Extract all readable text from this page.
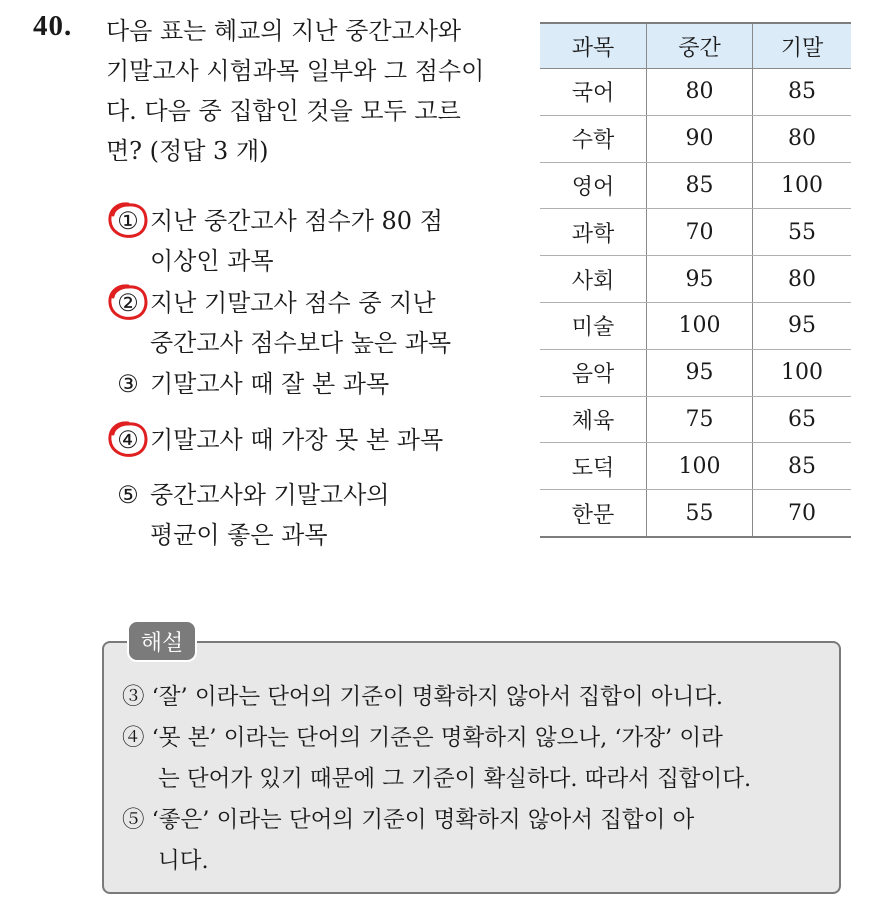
40. 다음 표는 혜교의 지난 중간고사와
기말고사 시험과목 일부와 그 점수이
다. 다음 중 집합인 것을 모두 고르
면? (정답 3 개)
① 지난 중간고사 점수가 80 점
이상인 과목
② 지난 기말고사 점수 중 지난
중간고사 점수보다 높은 과목
③ 기말고사 때 잘 본 과목
④ 기말고사 때 가장 못 본 과목
⑤ 중간고사와 기말고사의
평균이 좋은 과목
과목	중간	기말
국어	80	85
수학	90	80
영어	85	100
과학	70	55
사회	95	80
미술	100	95
음악	95	100
체육	75	65
도덕	100	85
한문	55	70
해설
③ ‘잘’ 이라는 단어의 기준이 명확하지 않아서 집합이 아니다.
④ ‘못 본’ 이라는 단어의 기준은 명확하지 않으나, ‘가장’ 이라
는 단어가 있기 때문에 그 기준이 확실하다. 따라서 집합이다.
⑤ ‘좋은’ 이라는 단어의 기준이 명확하지 않아서 집합이 아
니다.
